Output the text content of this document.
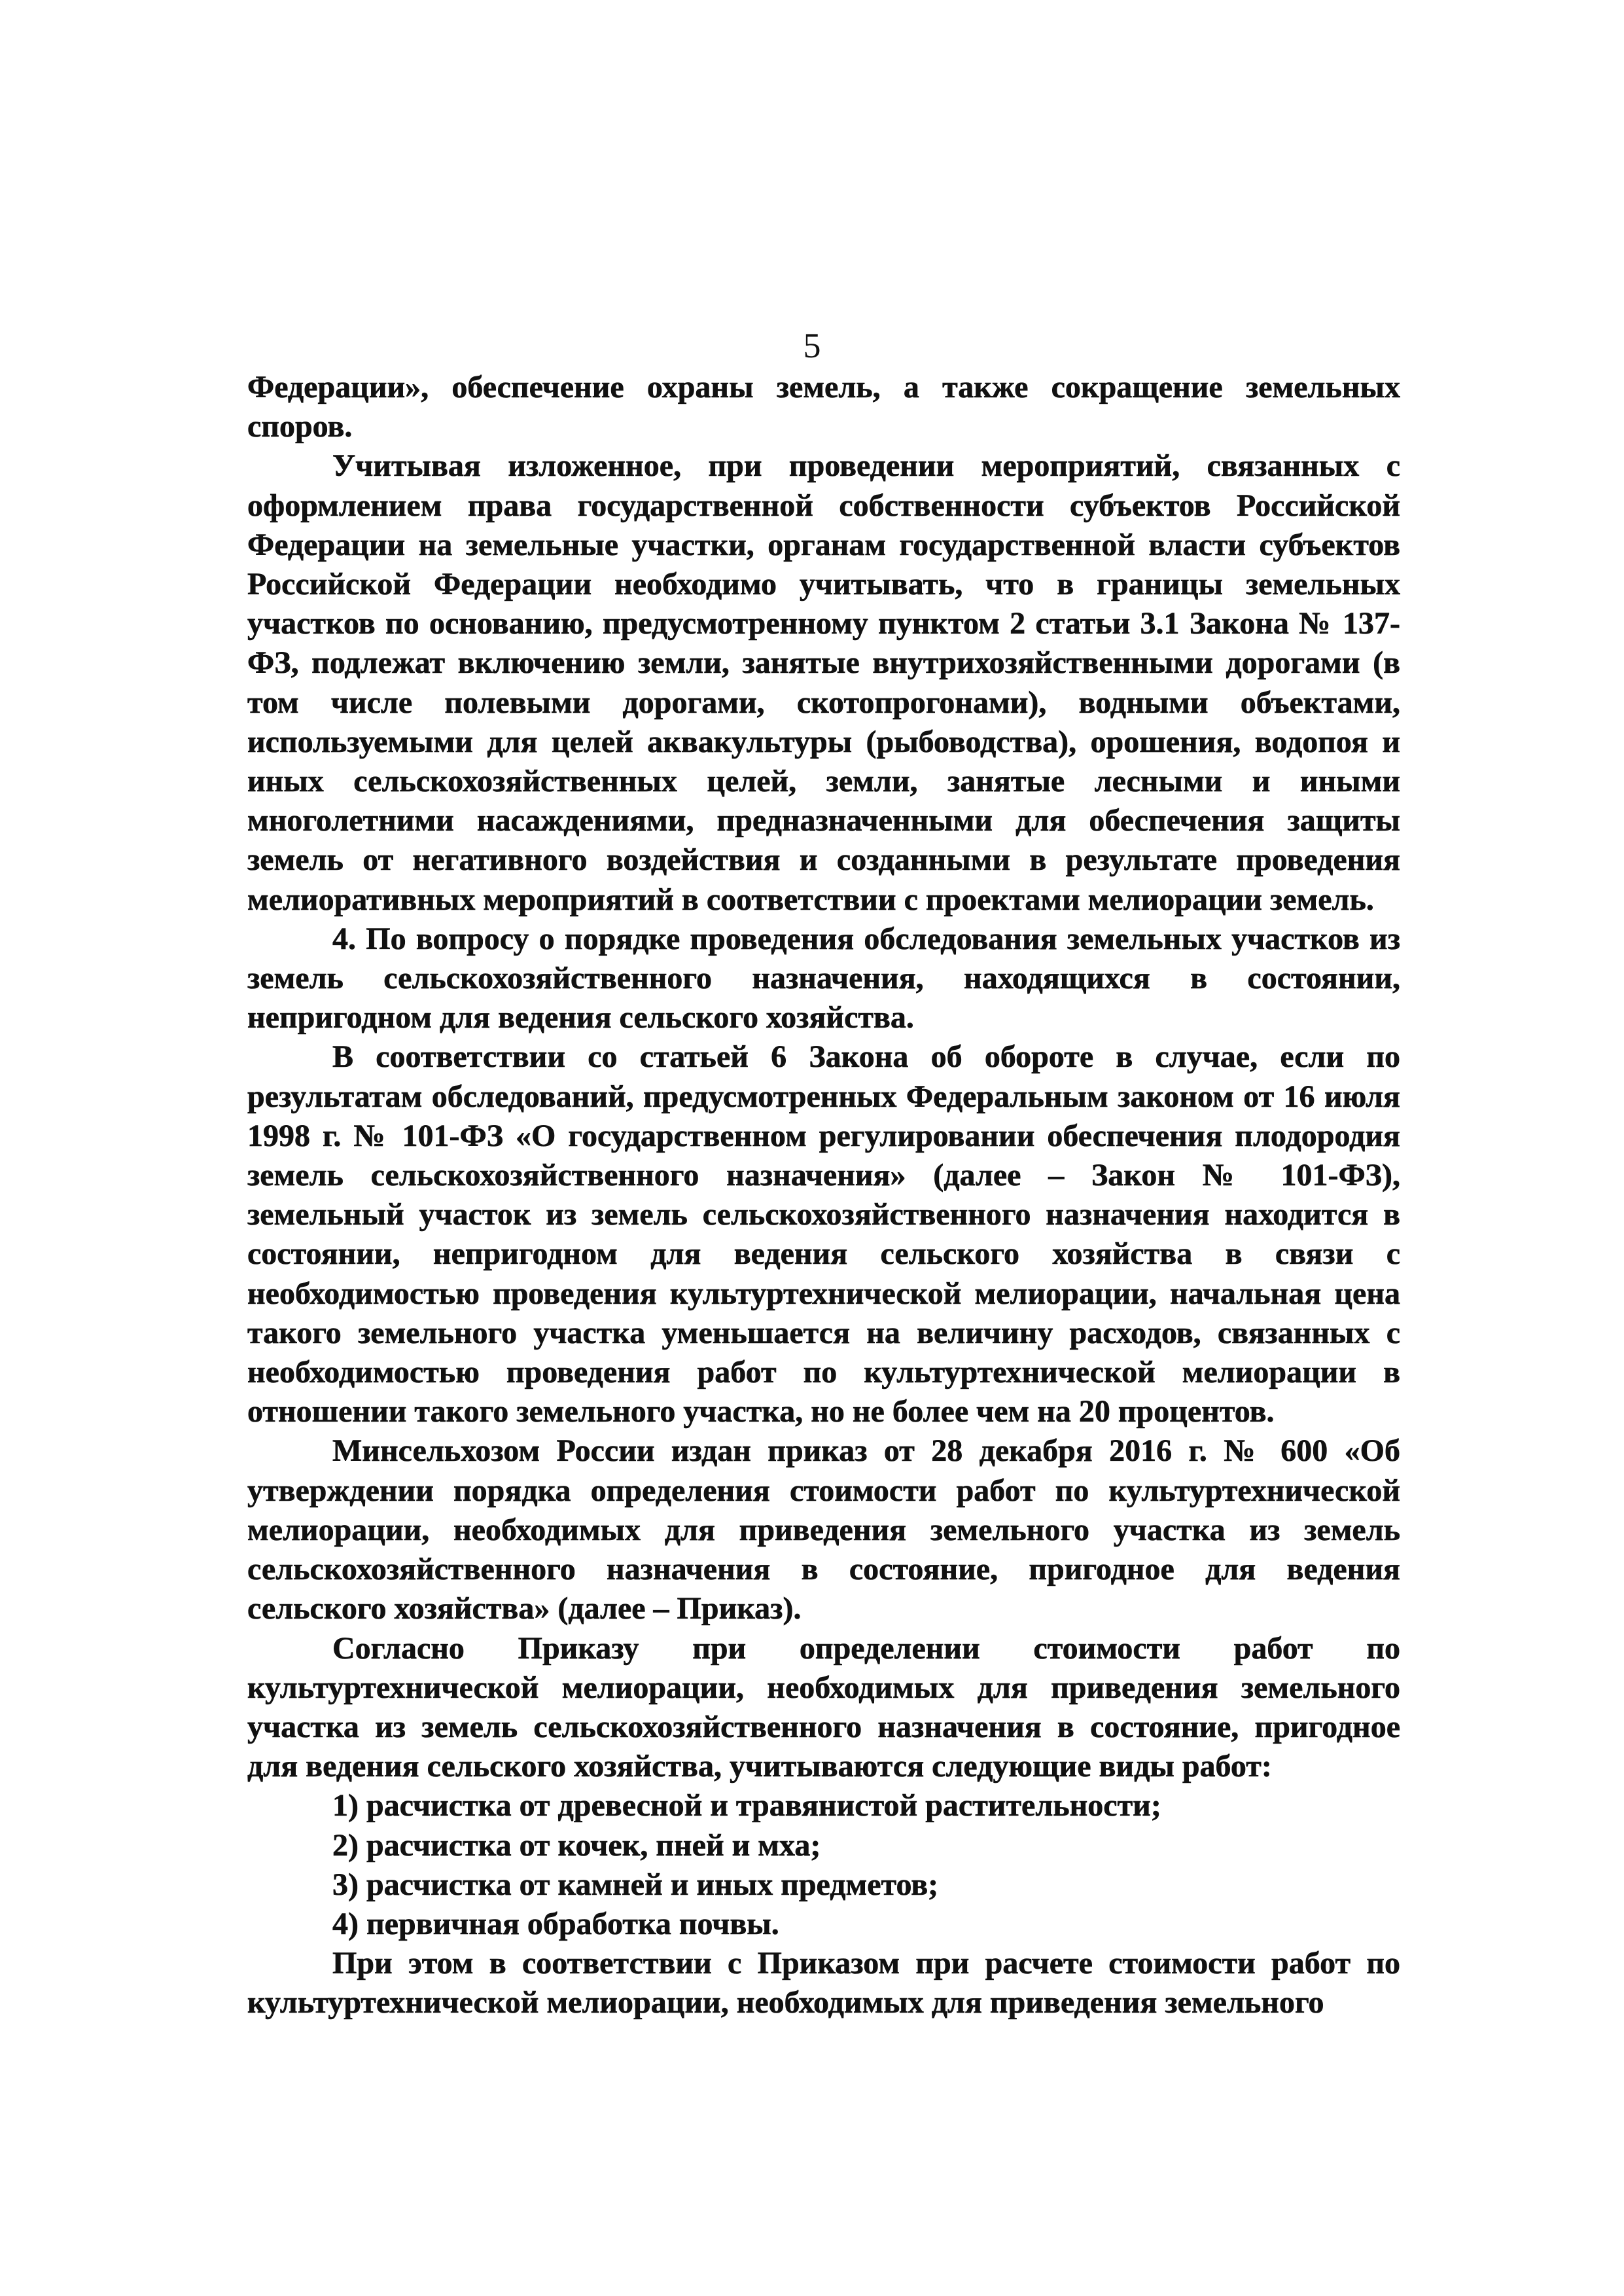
5

Федерации», обеспечение охраны земель, а также сокращение земельных споров.

Учитывая изложенное, при проведении мероприятий, связанных с оформлением права государственной собственности субъектов Российской Федерации на земельные участки, органам государственной власти субъектов Российской Федерации необходимо учитывать, что в границы земельных участков по основанию, предусмотренному пунктом 2 статьи 3.1 Закона № 137-ФЗ, подлежат включению земли, занятые внутрихозяйственными дорогами (в том числе полевыми дорогами, скотопрогонами), водными объектами, используемыми для целей аквакультуры (рыбоводства), орошения, водопоя и иных сельскохозяйственных целей, земли, занятые лесными и иными многолетними насаждениями, предназначенными для обеспечения защиты земель от негативного воздействия и созданными в результате проведения мелиоративных мероприятий в соответствии с проектами мелиорации земель.

4. По вопросу о порядке проведения обследования земельных участков из земель сельскохозяйственного назначения, находящихся в состоянии, непригодном для ведения сельского хозяйства.

В соответствии со статьей 6 Закона об обороте в случае, если по результатам обследований, предусмотренных Федеральным законом от 16 июля 1998 г. № 101-ФЗ «О государственном регулировании обеспечения плодородия земель сельскохозяйственного назначения» (далее – Закон № 101-ФЗ), земельный участок из земель сельскохозяйственного назначения находится в состоянии, непригодном для ведения сельского хозяйства в связи с необходимостью проведения культуртехнической мелиорации, начальная цена такого земельного участка уменьшается на величину расходов, связанных с необходимостью проведения работ по культуртехнической мелиорации в отношении такого земельного участка, но не более чем на 20 процентов.

Минсельхозом России издан приказ от 28 декабря 2016 г. № 600 «Об утверждении порядка определения стоимости работ по культуртехнической мелиорации, необходимых для приведения земельного участка из земель сельскохозяйственного назначения в состояние, пригодное для ведения сельского хозяйства» (далее – Приказ).

Согласно Приказу при определении стоимости работ по культуртехнической мелиорации, необходимых для приведения земельного участка из земель сельскохозяйственного назначения в состояние, пригодное для ведения сельского хозяйства, учитываются следующие виды работ:

1) расчистка от древесной и травянистой растительности;

2) расчистка от кочек, пней и мха;

3) расчистка от камней и иных предметов;

4) первичная обработка почвы.

При этом в соответствии с Приказом при расчете стоимости работ по культуртехнической мелиорации, необходимых для приведения земельного
